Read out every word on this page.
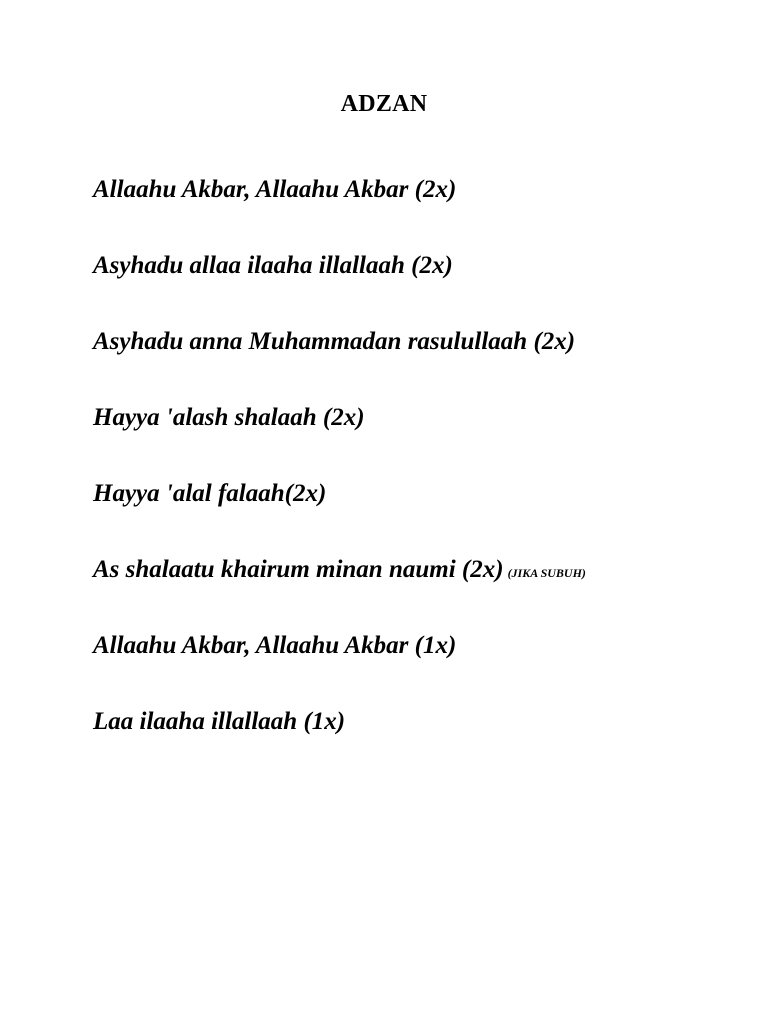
ADZAN
Allaahu Akbar, Allaahu Akbar (2x)
Asyhadu allaa ilaaha illallaah (2x)
Asyhadu anna Muhammadan rasulullaah (2x)
Hayya 'alash shalaah (2x)
Hayya 'alal falaah(2x)
As shalaatu khairum minan naumi (2x) (JIKA SUBUH)
Allaahu Akbar, Allaahu Akbar (1x)
Laa ilaaha illallaah (1x)
